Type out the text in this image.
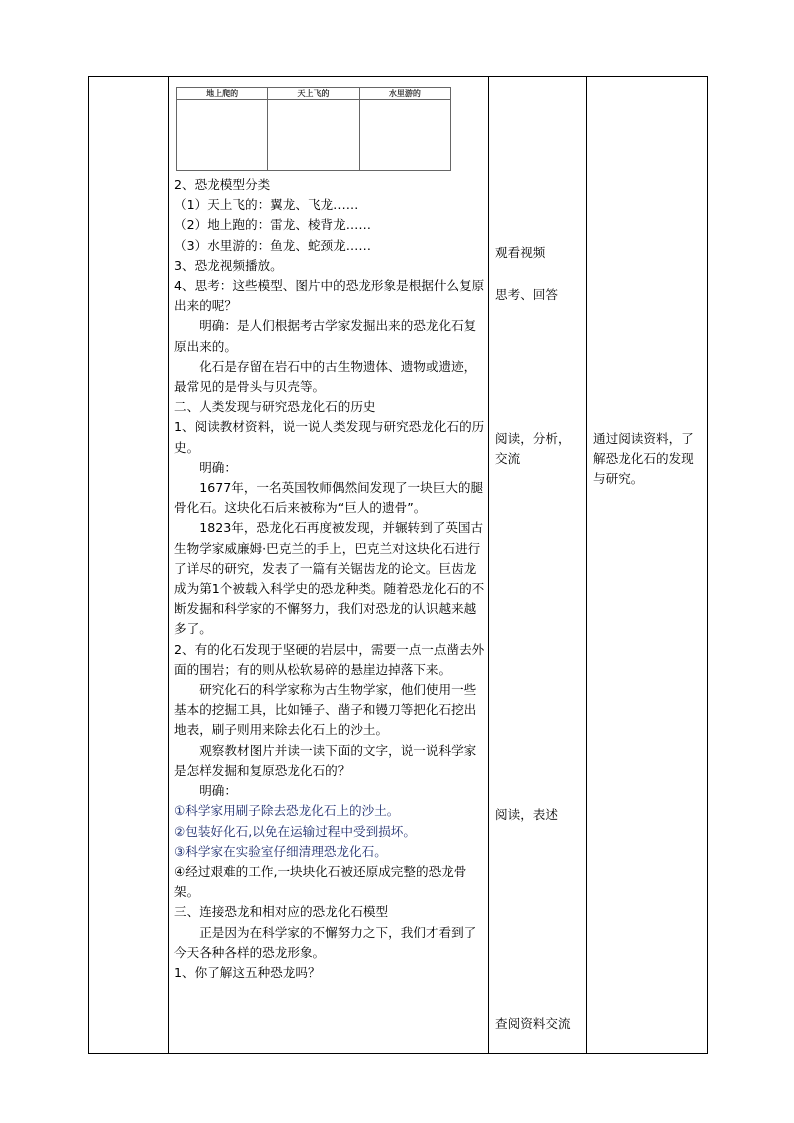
地上爬的	天上飞的	水里游的

2、恐龙模型分类

（1）天上飞的：翼龙、飞龙……

（2）地上跑的：雷龙、棱背龙……

（3）水里游的：鱼龙、蛇颈龙……

3、恐龙视频播放。

4、思考：这些模型、图片中的恐龙形象是根据什么复原出来的呢？

明确：是人们根据考古学家发掘出来的恐龙化石复原出来的。

化石是存留在岩石中的古生物遗体、遗物或遗迹，最常见的是骨头与贝壳等。

二、人类发现与研究恐龙化石的历史

1、阅读教材资料，说一说人类发现与研究恐龙化石的历史。

明确：

1677年，一名英国牧师偶然间发现了一块巨大的腿骨化石。这块化石后来被称为“巨人的遗骨”。

1823年，恐龙化石再度被发现，并辗转到了英国古生物学家威廉姆·巴克兰的手上，巴克兰对这块化石进行了详尽的研究，发表了一篇有关锯齿龙的论文。巨齿龙成为第1个被载入科学史的恐龙种类。随着恐龙化石的不断发掘和科学家的不懈努力，我们对恐龙的认识越来越多了。

2、有的化石发现于坚硬的岩层中，需要一点一点凿去外面的围岩；有的则从松软易碎的悬崖边掉落下来。

研究化石的科学家称为古生物学家，他们使用一些基本的挖掘工具，比如锤子、凿子和镘刀等把化石挖出地表，刷子则用来除去化石上的沙土。

观察教材图片并读一读下面的文字，说一说科学家是怎样发掘和复原恐龙化石的？

明确：

①科学家用刷子除去恐龙化石上的沙土。

②包装好化石,以免在运输过程中受到损坏。

③科学家在实验室仔细清理恐龙化石。

④经过艰难的工作,一块块化石被还原成完整的恐龙骨架。

三、连接恐龙和相对应的恐龙化石模型

正是因为在科学家的不懈努力之下，我们才看到了今天各种各样的恐龙形象。

1、你了解这五种恐龙吗？

观看视频
思考、回答
阅读，分析，交流
阅读，表述
查阅资料交流

通过阅读资料，了解恐龙化石的发现与研究。
